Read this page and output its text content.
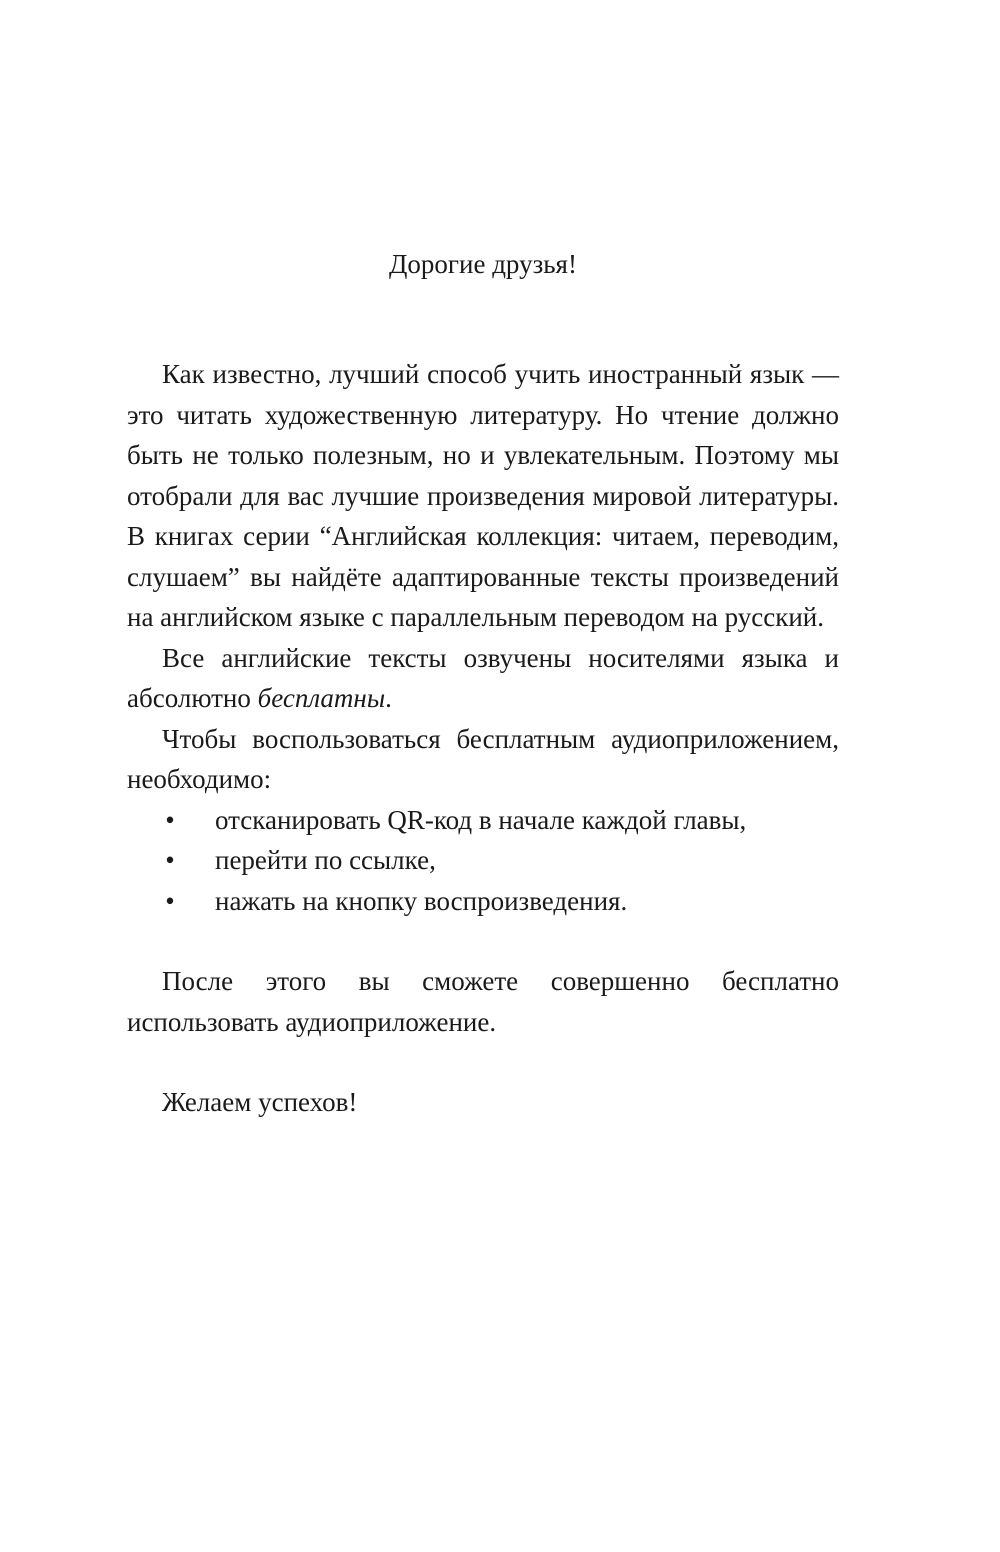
Дорогие друзья!

Как известно, лучший способ учить иностранный язык — это читать художественную литературу. Но чтение должно быть не только полезным, но и увлекательным. Поэтому мы отобрали для вас лучшие произведения мировой литературы. В книгах серии “Английская коллекция: читаем, переводим, слушаем” вы найдёте адаптированные тексты произведений на английском языке с параллельным переводом на русский.

Все английские тексты озвучены носителями языка и абсолютно бесплатны.

Чтобы воспользоваться бесплатным аудиоприложением, необходимо:

• отсканировать QR-код в начале каждой главы,
• перейти по ссылке,
• нажать на кнопку воспроизведения.

После этого вы сможете совершенно бесплатно использовать аудиоприложение.

Желаем успехов!
